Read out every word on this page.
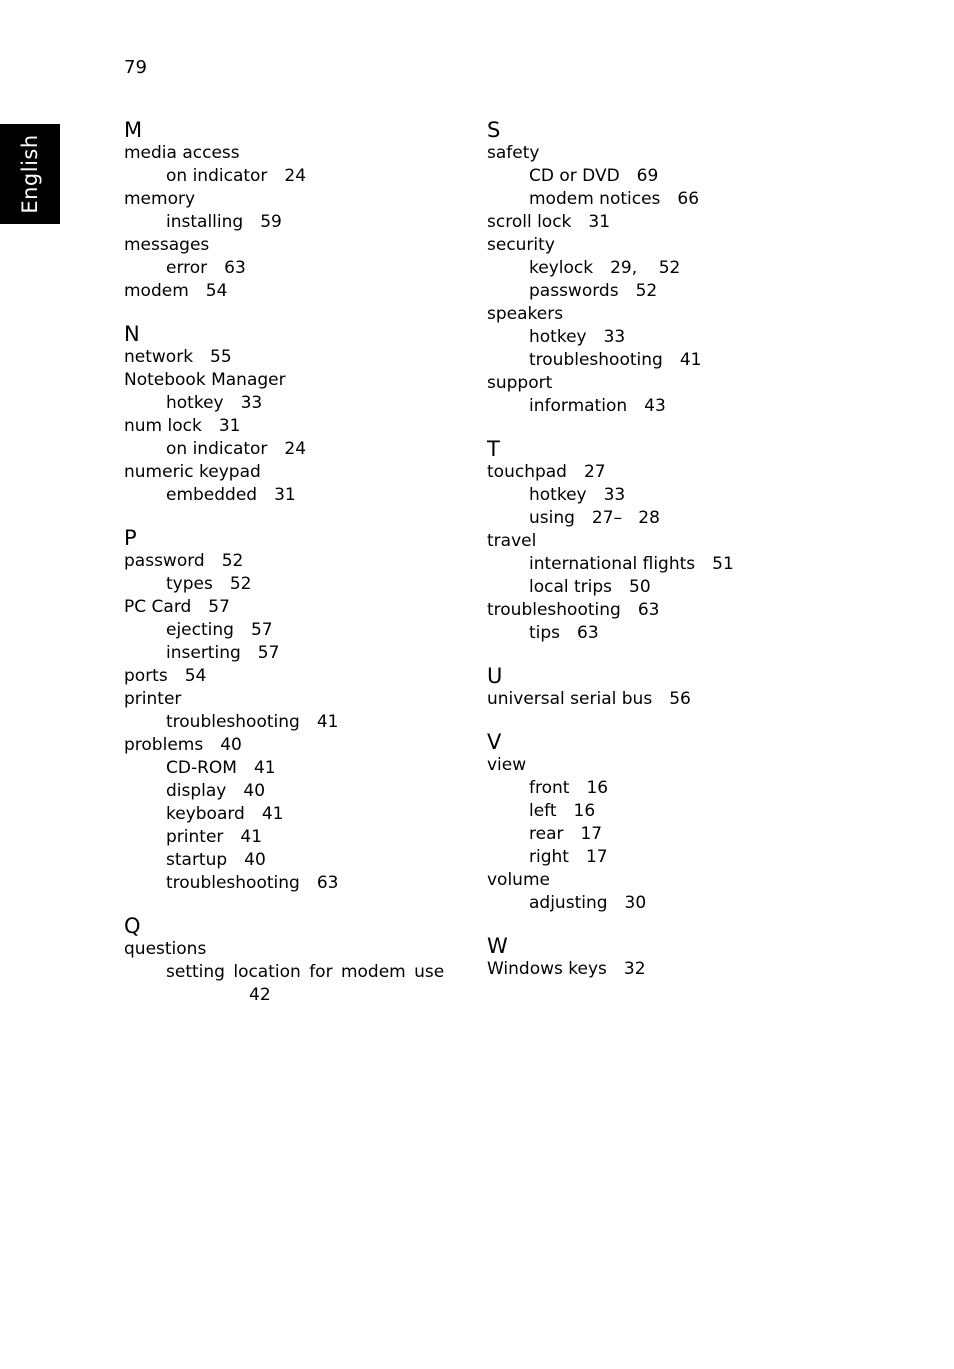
79
English
M
media access
on indicator 24
memory
installing 59
messages
error 63
modem 54
N
network 55
Notebook Manager
hotkey 33
num lock 31
on indicator 24
numeric keypad
embedded 31
P
password 52
types 52
PC Card 57
ejecting 57
inserting 57
ports 54
printer
troubleshooting 41
problems 40
CD-ROM 41
display 40
keyboard 41
printer 41
startup 40
troubleshooting 63
Q
questions
setting location for modem use
42
S
safety
CD or DVD 69
modem notices 66
scroll lock 31
security
keylock 29,    52
passwords 52
speakers
hotkey 33
troubleshooting 41
support
information 43
T
touchpad 27
hotkey 33
using 27–   28
travel
international flights 51
local trips 50
troubleshooting 63
tips 63
U
universal serial bus 56
V
view
front 16
left 16
rear 17
right 17
volume
adjusting 30
W
Windows keys 32
